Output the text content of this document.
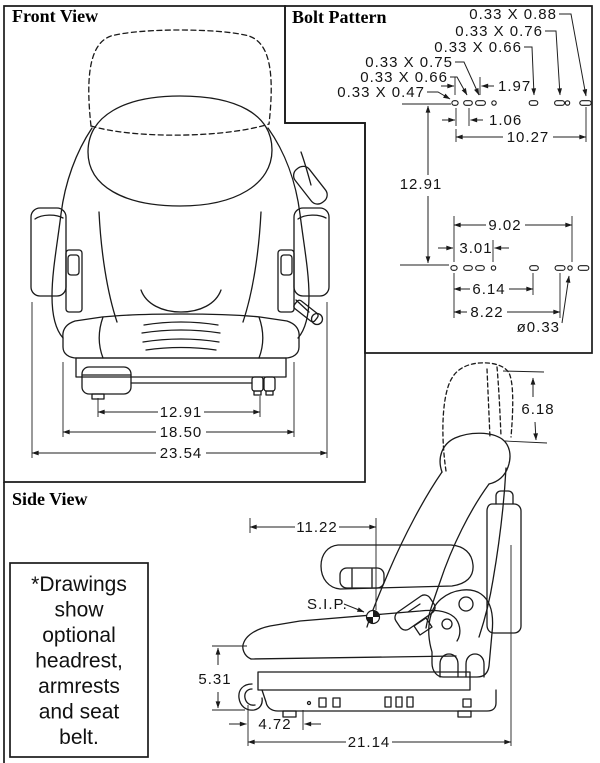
Front View
12.91
18.50
23.54
Bolt Pattern	0.33 X 0.88
0.33 X 0.76
0.33 X 0.66
0.33 X 0.75
0.33 X 0.66
0.33 X 0.47	1.97
1.06
10.27
12.91
9.02
3.01
6.14
8.22
ø0.33
Side View
11.22
6.18
S.I.P.
5.31
4.72
21.14
*Drawings
show
optional
headrest,
armrests
and seat
belt.
